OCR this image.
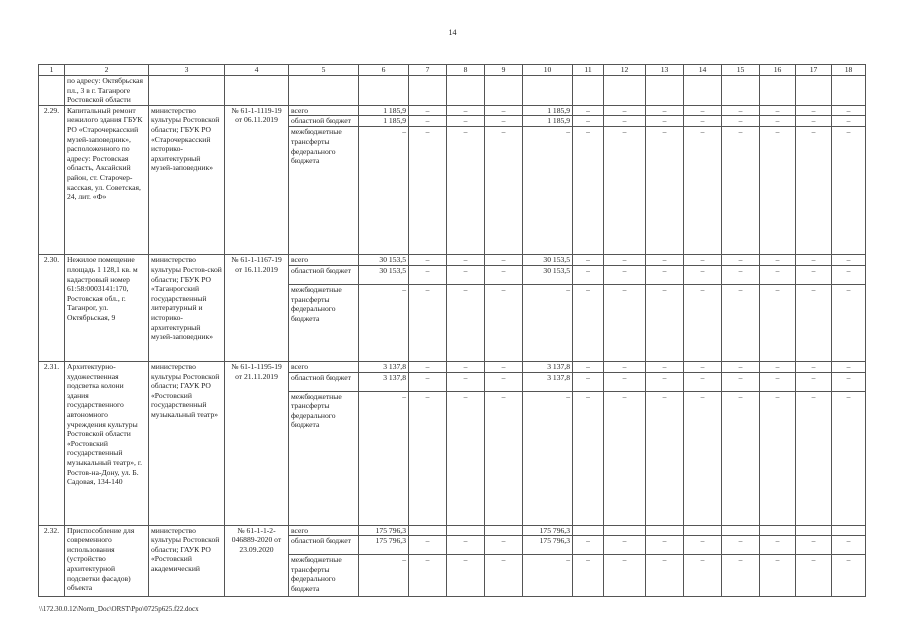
14
1	2	3	4	5	6	7	8	9	10	11	12	13	14	15	16	17	18
	по адресу: Октябрьская пл., 3 в г. Таганроге Ростовской области																
2.29.	Капитальный ремонт нежилого здания ГБУК РО «Старочеркасский музей-заповедник», расположенного по адресу: Ростовская область, Аксайский район, ст. Старочер-касская, ул. Советская, 24, лит. «Ф»	министерство культуры Ростовской области; ГБУК РО «Старочеркасский историко-архитектурный музей-заповедник»	№ 61-1-1119-19 от 06.11.2019	всего	1 185,9	–	–	–	1 185,9	–	–	–	–	–	–	–	–
				областной бюджет	1 185,9	–	–	–	1 185,9	–	–	–	–	–	–	–	–
				межбюджетные трансферты федерального бюджета	–	–	–	–	–	–	–	–	–	–	–	–	–
2.30.	Нежилое помещение площадь 1 128,1 кв. м кадастровый номер 61:58:0003141:170, Ростовская обл., г. Таганрог, ул. Октябрьская, 9	министерство культуры Ростов-ской области; ГБУК РО «Таганрогский государственный литературный и историко-архитектурный музей-заповедник»	№ 61-1-1167-19 от 16.11.2019	всего	30 153,5	–	–	–	30 153,5	–	–	–	–	–	–	–	–
				областной бюджет	30 153,5	–	–	–	30 153,5	–	–	–	–	–	–	–	–
				межбюджетные трансферты федерального бюджета	–	–	–	–	–	–	–	–	–	–	–	–	–
2.31.	Архитектурно-художественная подсветка колони здания государственного автономного учреждения культуры Ростовской области «Ростовский государственный музыкальный театр», г. Ростов-на-Дону, ул. Б. Садовая, 134-140	министерство культуры Ростовской области; ГАУК РО «Ростовский государственный музыкальный театр»	№ 61-1-1195-19 от 21.11.2019	всего	3 137,8	–	–	–	3 137,8	–	–	–	–	–	–	–	–
				областной бюджет	3 137,8	–	–	–	3 137,8	–	–	–	–	–	–	–	–
				межбюджетные трансферты федерального бюджета	–	–	–	–	–	–	–	–	–	–	–	–	–
2.32.	Приспособление для современного использования (устройство архитектурной подсветки фасадов) объекта	министерство культуры Ростовской области; ГАУК РО «Ростовский академический	№ 61-1-1-2-046889-2020 от 23.09.2020	всего	175 796,3				175 796,3								
				областной бюджет	175 796,3	–	–	–	175 796,3	–	–	–	–	–	–	–	–
				межбюджетные трансферты федерального бюджета	–	–	–	–	–	–	–	–	–	–	–	–	–
\\172.30.0.12\Norm_Doc\ORST\Ppo\0725p625.f22.docx
